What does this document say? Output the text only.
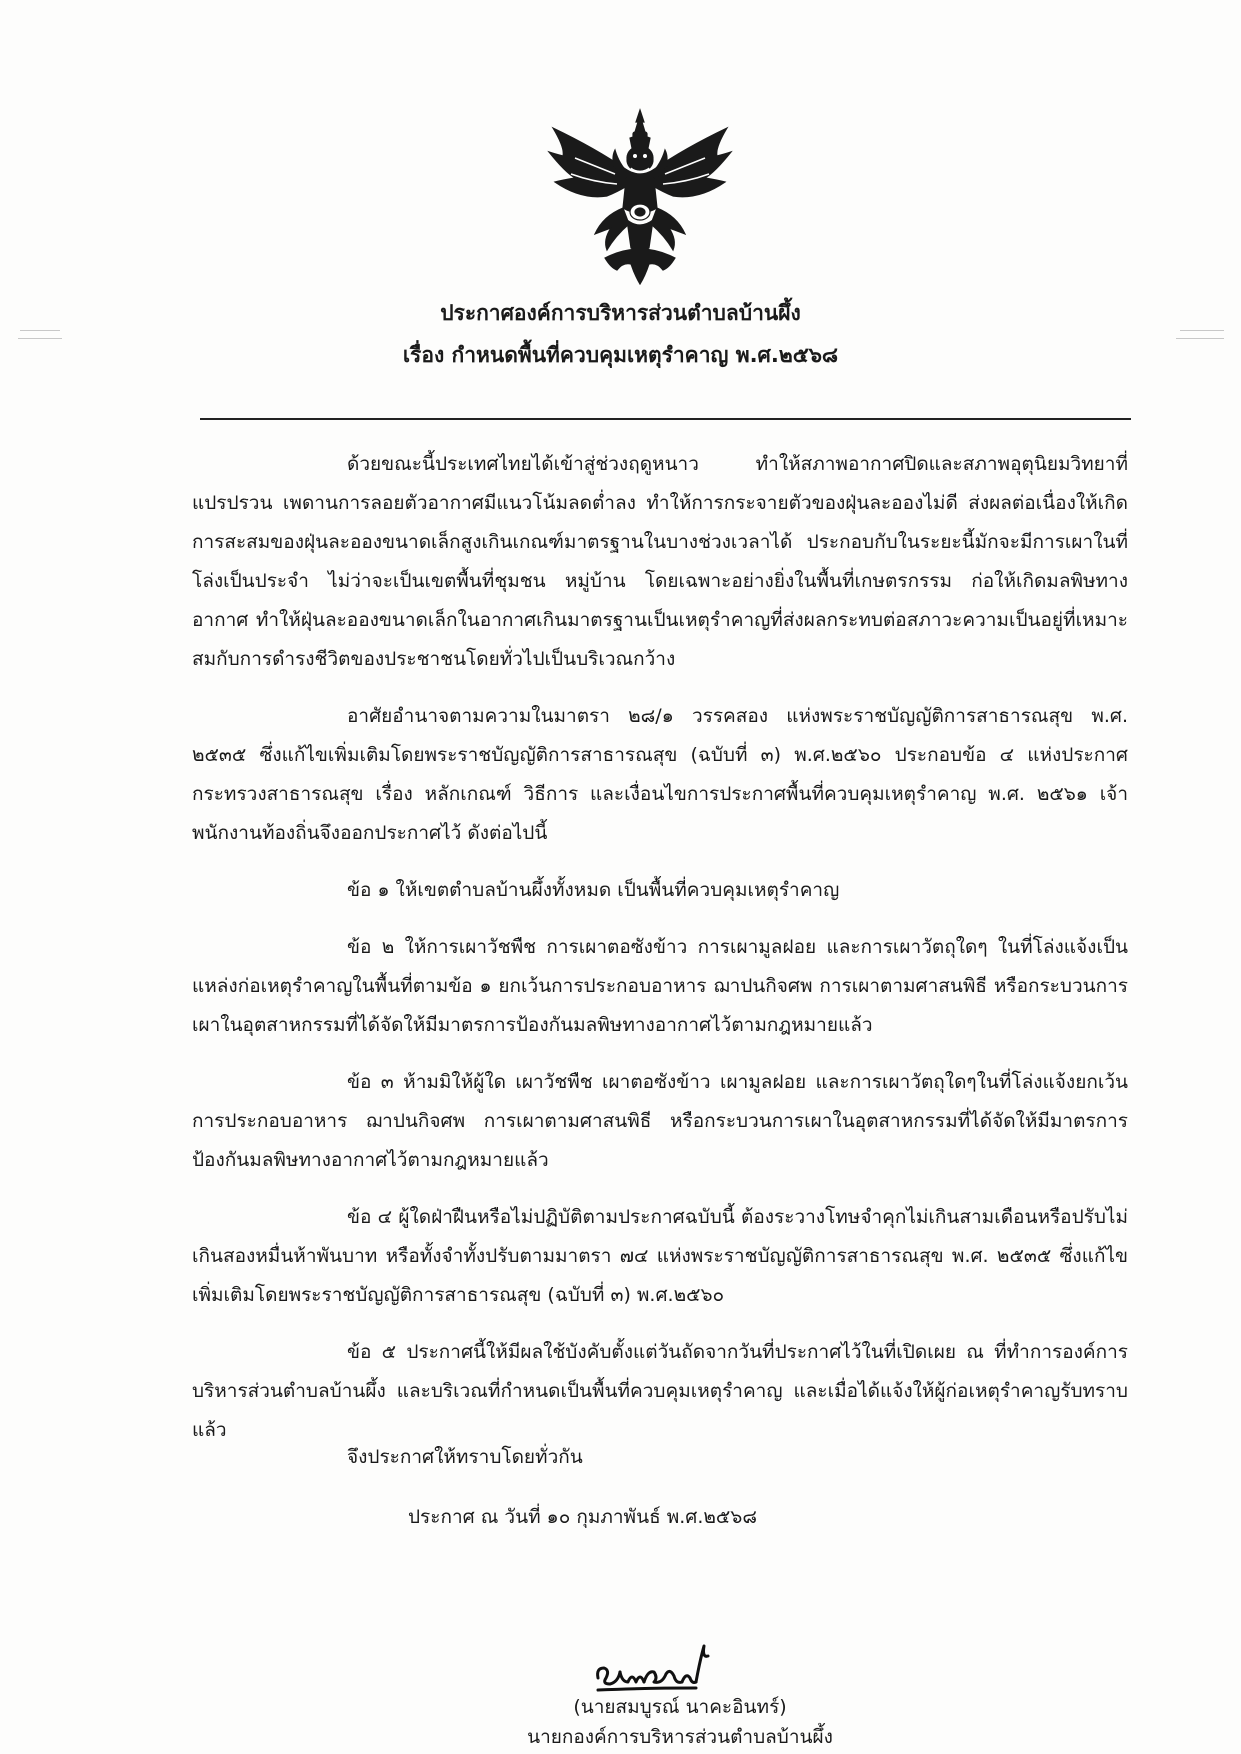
ประกาศองค์การบริหารส่วนตำบลบ้านผึ้ง
เรื่อง กำหนดพื้นที่ควบคุมเหตุรำคาญ พ.ศ.๒๕๖๘

ด้วยขณะนี้ประเทศไทยได้เข้าสู่ช่วงฤดูหนาว ทำให้สภาพอากาศปิดและสภาพอุตุนิยมวิทยาที่แปรปรวน เพดานการลอยตัวอากาศมีแนวโน้มลดต่ำลง ทำให้การกระจายตัวของฝุ่นละอองไม่ดี ส่งผลต่อเนื่องให้เกิดการสะสมของฝุ่นละอองขนาดเล็กสูงเกินเกณฑ์มาตรฐานในบางช่วงเวลาได้ ประกอบกับในระยะนี้มักจะมีการเผาในที่โล่งเป็นประจำ ไม่ว่าจะเป็นเขตพื้นที่ชุมชน หมู่บ้าน โดยเฉพาะอย่างยิ่งในพื้นที่เกษตรกรรม ก่อให้เกิดมลพิษทางอากาศ ทำให้ฝุ่นละอองขนาดเล็กในอากาศเกินมาตรฐานเป็นเหตุรำคาญที่ส่งผลกระทบต่อสภาวะความเป็นอยู่ที่เหมาะสมกับการดำรงชีวิตของประชาชนโดยทั่วไปเป็นบริเวณกว้าง

อาศัยอำนาจตามความในมาตรา ๒๘/๑ วรรคสอง แห่งพระราชบัญญัติการสาธารณสุข พ.ศ. ๒๕๓๕ ซึ่งแก้ไขเพิ่มเติมโดยพระราชบัญญัติการสาธารณสุข (ฉบับที่ ๓) พ.ศ.๒๕๖๐ ประกอบข้อ ๔ แห่งประกาศกระทรวงสาธารณสุข เรื่อง หลักเกณฑ์ วิธีการ และเงื่อนไขการประกาศพื้นที่ควบคุมเหตุรำคาญ พ.ศ. ๒๕๖๑ เจ้าพนักงานท้องถิ่นจึงออกประกาศไว้ ดังต่อไปนี้

ข้อ ๑ ให้เขตตำบลบ้านผึ้งทั้งหมด เป็นพื้นที่ควบคุมเหตุรำคาญ

ข้อ ๒ ให้การเผาวัชพืช การเผาตอซังข้าว การเผามูลฝอย และการเผาวัตถุใดๆ ในที่โล่งแจ้งเป็นแหล่งก่อเหตุรำคาญในพื้นที่ตามข้อ ๑ ยกเว้นการประกอบอาหาร ฌาปนกิจศพ การเผาตามศาสนพิธี หรือกระบวนการเผาในอุตสาหกรรมที่ได้จัดให้มีมาตรการป้องกันมลพิษทางอากาศไว้ตามกฎหมายแล้ว

ข้อ ๓ ห้ามมิให้ผู้ใด เผาวัชพืช เผาตอซังข้าว เผามูลฝอย และการเผาวัตถุใดๆในที่โล่งแจ้งยกเว้นการประกอบอาหาร ฌาปนกิจศพ การเผาตามศาสนพิธี หรือกระบวนการเผาในอุตสาหกรรมที่ได้จัดให้มีมาตรการป้องกันมลพิษทางอากาศไว้ตามกฎหมายแล้ว

ข้อ ๔ ผู้ใดฝ่าฝืนหรือไม่ปฏิบัติตามประกาศฉบับนี้ ต้องระวางโทษจำคุกไม่เกินสามเดือนหรือปรับไม่เกินสองหมื่นห้าพันบาท หรือทั้งจำทั้งปรับตามมาตรา ๗๔ แห่งพระราชบัญญัติการสาธารณสุข พ.ศ. ๒๕๓๕ ซึ่งแก้ไขเพิ่มเติมโดยพระราชบัญญัติการสาธารณสุข (ฉบับที่ ๓) พ.ศ.๒๕๖๐

ข้อ ๕ ประกาศนี้ให้มีผลใช้บังคับตั้งแต่วันถัดจากวันที่ประกาศไว้ในที่เปิดเผย ณ ที่ทำการองค์การบริหารส่วนตำบลบ้านผึ้ง และบริเวณที่กำหนดเป็นพื้นที่ควบคุมเหตุรำคาญ และเมื่อได้แจ้งให้ผู้ก่อเหตุรำคาญรับทราบแล้ว

จึงประกาศให้ทราบโดยทั่วกัน
ประกาศ ณ วันที่ ๑๐ กุมภาพันธ์ พ.ศ.๒๕๖๘
(นายสมบูรณ์ นาคะอินทร์)
นายกองค์การบริหารส่วนตำบลบ้านผึ้ง
